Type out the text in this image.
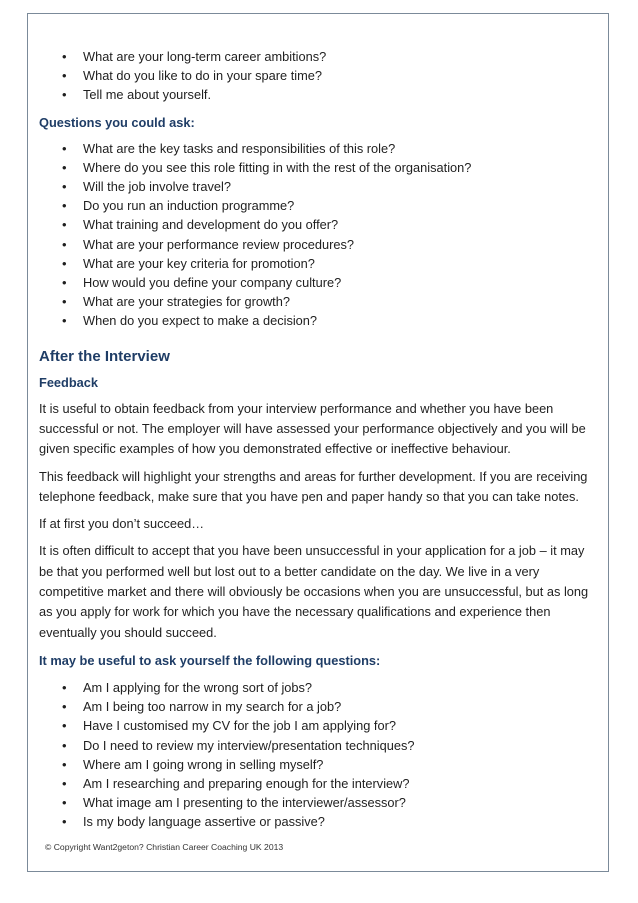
• What are your long-term career ambitions?
• What do you like to do in your spare time?
• Tell me about yourself.
Questions you could ask:
• What are the key tasks and responsibilities of this role?
• Where do you see this role fitting in with the rest of the organisation?
• Will the job involve travel?
• Do you run an induction programme?
• What training and development do you offer?
• What are your performance review procedures?
• What are your key criteria for promotion?
• How would you define your company culture?
• What are your strategies for growth?
• When do you expect to make a decision?
After the Interview
Feedback

It is useful to obtain feedback from your interview performance and whether you have been successful or not. The employer will have assessed your performance objectively and you will be given specific examples of how you demonstrated effective or ineffective behaviour.

This feedback will highlight your strengths and areas for further development. If you are receiving telephone feedback, make sure that you have pen and paper handy so that you can take notes.

If at first you don’t succeed…

It is often difficult to accept that you have been unsuccessful in your application for a job – it may be that you performed well but lost out to a better candidate on the day. We live in a very competitive market and there will obviously be occasions when you are unsuccessful, but as long as you apply for work for which you have the necessary qualifications and experience then eventually you should succeed.

It may be useful to ask yourself the following questions:
• Am I applying for the wrong sort of jobs?
• Am I being too narrow in my search for a job?
• Have I customised my CV for the job I am applying for?
• Do I need to review my interview/presentation techniques?
• Where am I going wrong in selling myself?
• Am I researching and preparing enough for the interview?
• What image am I presenting to the interviewer/assessor?
• Is my body language assertive or passive?
© Copyright Want2geton? Christian Career Coaching UK 2013
